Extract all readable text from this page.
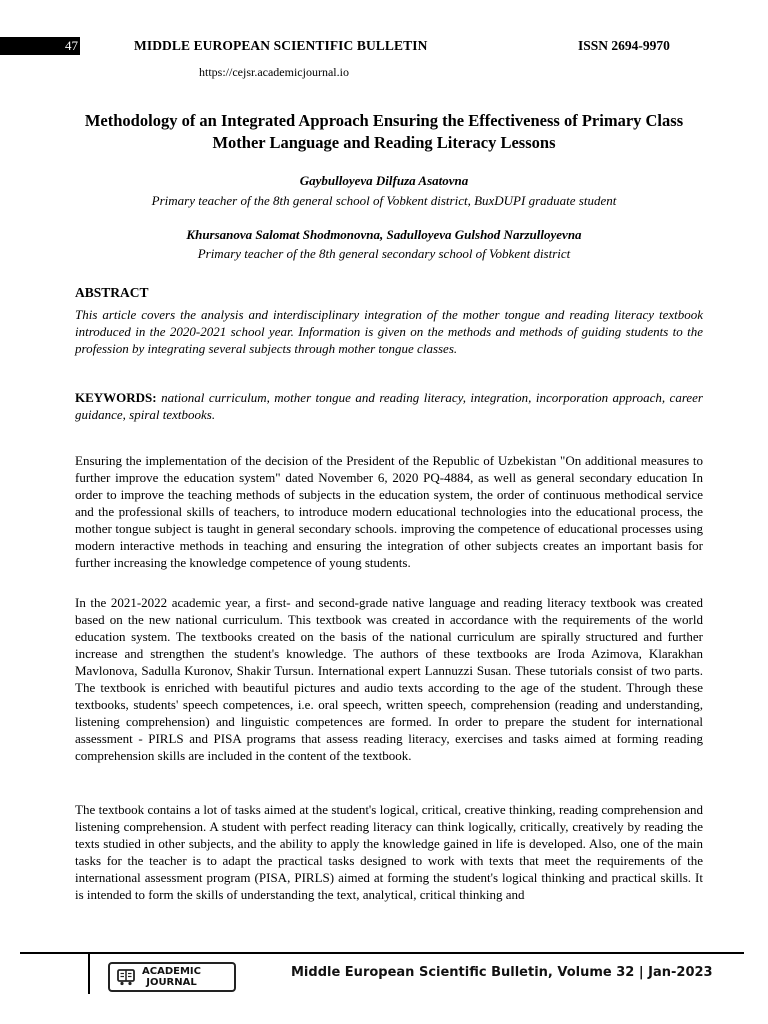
47	MIDDLE EUROPEAN SCIENTIFIC BULLETIN	ISSN 2694-9970
https://cejsr.academicjournal.io
Methodology of an Integrated Approach Ensuring the Effectiveness of Primary Class Mother Language and Reading Literacy Lessons
Gaybulloyeva Dilfuza Asatovna
Primary teacher of the 8th general school of Vobkent district, BuxDUPI graduate student
Khursanova Salomat Shodmonovna, Sadulloyeva Gulshod Narzulloyevna
Primary teacher of the 8th general secondary school of Vobkent district
ABSTRACT
This article covers the analysis and interdisciplinary integration of the mother tongue and reading literacy textbook introduced in the 2020-2021 school year. Information is given on the methods and methods of guiding students to the profession by integrating several subjects through mother tongue classes.
KEYWORDS: national curriculum, mother tongue and reading literacy, integration, incorporation approach, career guidance, spiral textbooks.
Ensuring the implementation of the decision of the President of the Republic of Uzbekistan "On additional measures to further improve the education system" dated November 6, 2020 PQ-4884, as well as general secondary education In order to improve the teaching methods of subjects in the education system, the order of continuous methodical service and the professional skills of teachers, to introduce modern educational technologies into the educational process, the mother tongue subject is taught in general secondary schools. improving the competence of educational processes using modern interactive methods in teaching and ensuring the integration of other subjects creates an important basis for further increasing the knowledge competence of young students.
In the 2021-2022 academic year, a first- and second-grade native language and reading literacy textbook was created based on the new national curriculum. This textbook was created in accordance with the requirements of the world education system. The textbooks created on the basis of the national curriculum are spirally structured and further increase and strengthen the student's knowledge. The authors of these textbooks are Iroda Azimova, Klarakhan Mavlonova, Sadulla Kuronov, Shakir Tursun. International expert Lannuzzi Susan. These tutorials consist of two parts. The textbook is enriched with beautiful pictures and audio texts according to the age of the student. Through these textbooks, students' speech competences, i.e. oral speech, written speech, comprehension (reading and understanding, listening comprehension) and linguistic competences are formed. In order to prepare the student for international assessment - PIRLS and PISA programs that assess reading literacy, exercises and tasks aimed at forming reading comprehension skills are included in the content of the textbook.
The textbook contains a lot of tasks aimed at the student's logical, critical, creative thinking, reading comprehension and listening comprehension. A student with perfect reading literacy can think logically, critically, creatively by reading the texts studied in other subjects, and the ability to apply the knowledge gained in life is developed. Also, one of the main tasks for the teacher is to adapt the practical tasks designed to work with texts that meet the requirements of the international assessment program (PISA, PIRLS) aimed at forming the student's logical thinking and practical skills. It is intended to form the skills of understanding the text, analytical, critical thinking and
ACADEMIC
JOURNAL
Middle European Scientific Bulletin, Volume 32 | Jan-2023
